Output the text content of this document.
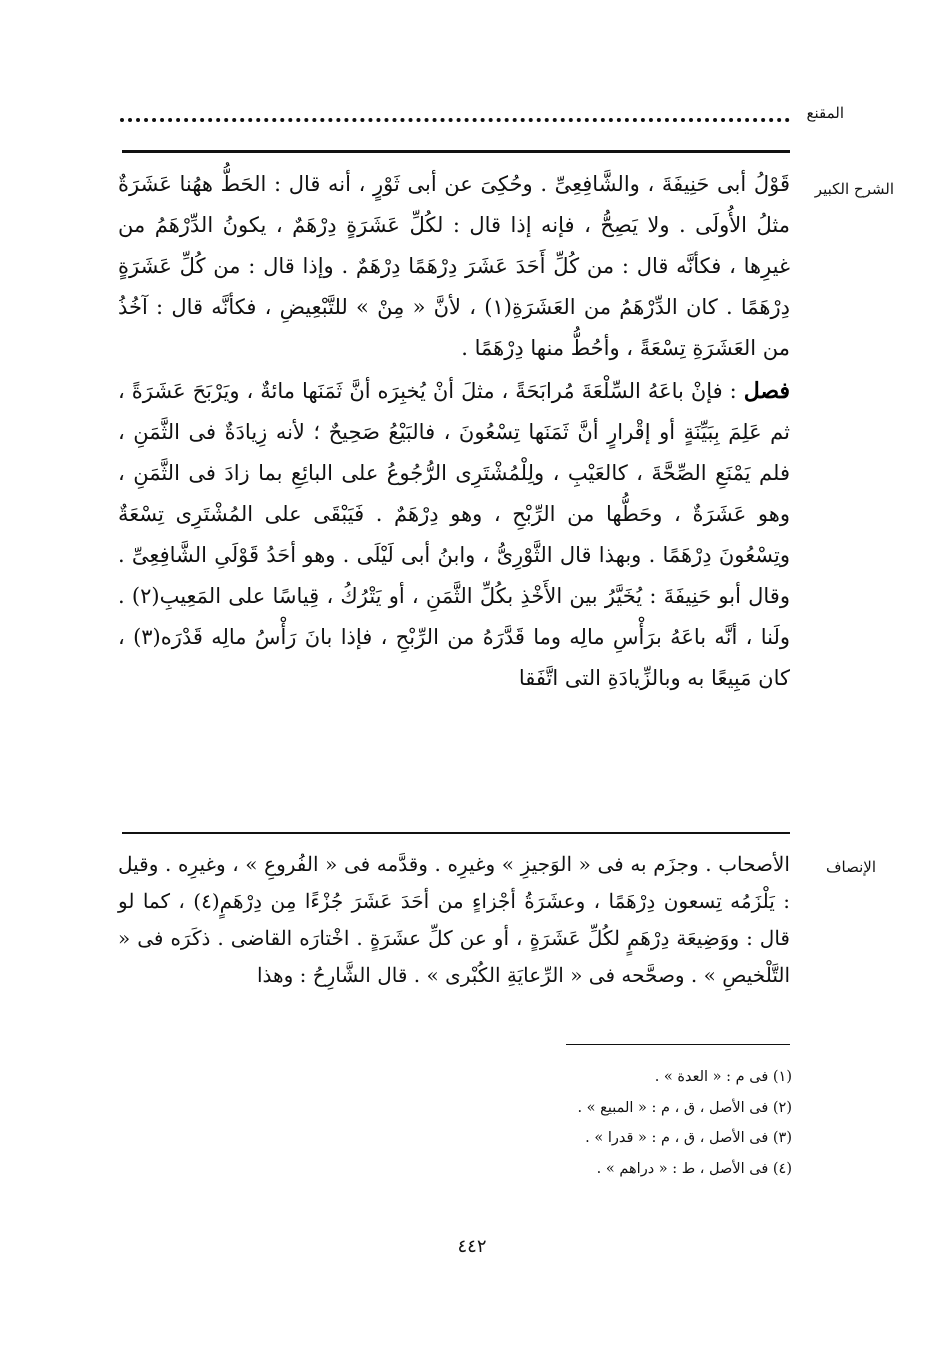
المقنع
الشرح الكبير
الإنصاف

قَوْلُ أبى حَنِيفَةَ ، والشَّافِعِىِّ . وحُكِىَ عن أبى ثَوْرٍ ، أنه قال : الحَطُّ ههُنا عَشَرَةٌ مثلُ الأُولَى . ولا يَصِحُّ ، فإنه إذا قال : لكُلِّ عَشَرَةٍ دِرْهَمٌ ، يكونُ الدِّرْهَمُ من غيرِها ، فكأنَّه قال : من كُلِّ أَحَدَ عَشَرَ دِرْهَمًا دِرْهَمٌ . وإذا قال : من كُلِّ عَشَرَةٍ دِرْهَمًا . كان الدِّرْهَمُ من العَشَرَةِ(١) ، لأنَّ « مِنْ » للتَّبْعِيضِ ، فكأنَّه قال : آخُذُ من العَشَرَةِ تِسْعَةً ، وأحُطُّ منها دِرْهَمًا .

فصل : فإنْ باعَهُ السِّلْعَةَ مُرابَحَةً ، مثلَ أنْ يُخبِرَه أنَّ ثَمَنَها مائةٌ ، ويَرْبَحَ عَشَرَةً ، ثم عَلِمَ بِبَيِّنَةٍ أو إقْرارٍ أنَّ ثَمَنَها تِسْعُونَ ، فالبَيْعُ صَحِيحٌ ؛ لأنه زِيادَةٌ فى الثَّمَنِ ، فلم يَمْنَعِ الصِّحَّةَ ، كالعَيْبِ ، ولِلْمُشْتَرِى الرُّجُوعُ على البائِعِ بما زادَ فى الثَّمَنِ ، وهو عَشَرَةٌ ، وحَطُّها من الرِّبْحِ ، وهو دِرْهَمٌ . فَيَبْقَى على المُشْتَرِى تِسْعَةٌ وتِسْعُونَ دِرْهَمًا . وبهذا قال الثَّوْرِىُّ ، وابنُ أبى لَيْلَى . وهو أحَدُ قَوْلَىِ الشَّافِعِىِّ . وقال أبو حَنِيفَةَ : يُخَيَّرُ بين الأَخْذِ بكُلِّ الثَّمَنِ ، أو يَتْرُكُ ، قِياسًا على المَعِيبِ(٢) . ولَنا ، أنَّه باعَهُ برَأْسِ مالِه وما قَدَّرَهُ من الرِّبْحِ ، فإذا بانَ رَأْسُ مالِه قَدْرَه(٣) ، كان مَبِيعًا به وبالزِّيادَةِ التى اتَّفَقا

الأصحاب . وجزَم به فى « الوَجيزِ » وغيرِه . وقدَّمه فى « الفُروعِ » ، وغيرِه . وقيل : يَلْزَمُه تِسعون دِرْهَمًا ، وعشَرَةُ أجْزاءٍ من أحَدَ عَشَرَ جُزْءًا مِن دِرْهَمٍ(٤) ، كما لو قال : ووَضِيعَة دِرْهَمٍ لكُلِّ عَشَرَةٍ ، أو عن كلِّ عشَرَةٍ . اخْتارَه القاضى . ذكَرَه فى « التَّلْخيصِ » . وصحَّحه فى « الرِّعايَةِ الكُبْرى » . قال الشَّارِحُ : وهذا
(١) فى م : « العدة » .
(٢) فى الأصل ، ق ، م : « المبيع » .
(٣) فى الأصل ، ق ، م : « قدرا » .
(٤) فى الأصل ، ط : « دراهم » .
٤٤٢
